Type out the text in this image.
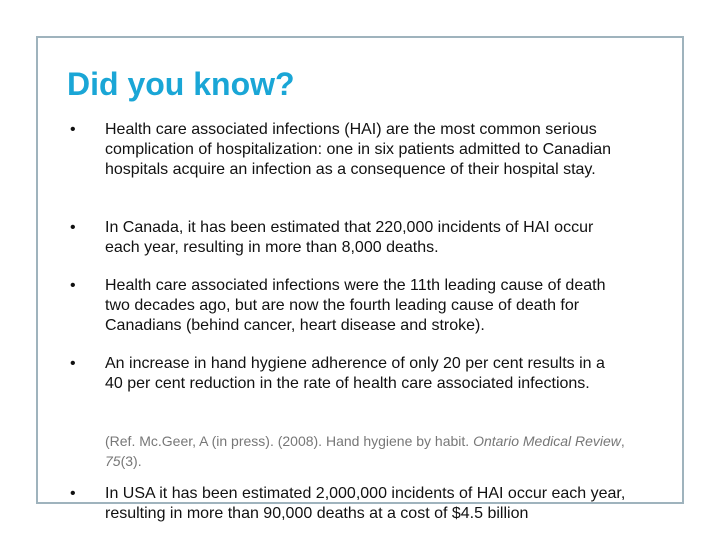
Did you know?
• Health care associated infections (HAI) are the most common serious complication of hospitalization: one in six patients admitted to Canadian hospitals acquire an infection as a consequence of their hospital stay.
• In Canada, it has been estimated that 220,000 incidents of HAI occur each year, resulting in more than 8,000 deaths.
• Health care associated infections were the 11th leading cause of death two decades ago, but are now the fourth leading cause of death for Canadians (behind cancer, heart disease and stroke).
• An increase in hand hygiene adherence of only 20 per cent results in a 40 per cent reduction in the rate of health care associated infections.
(Ref. Mc.Geer, A (in press). (2008). Hand hygiene by habit. Ontario Medical Review, 75(3).
• In USA it has been estimated 2,000,000 incidents of HAI occur each year, resulting in more than 90,000 deaths at a cost of $4.5 billion
